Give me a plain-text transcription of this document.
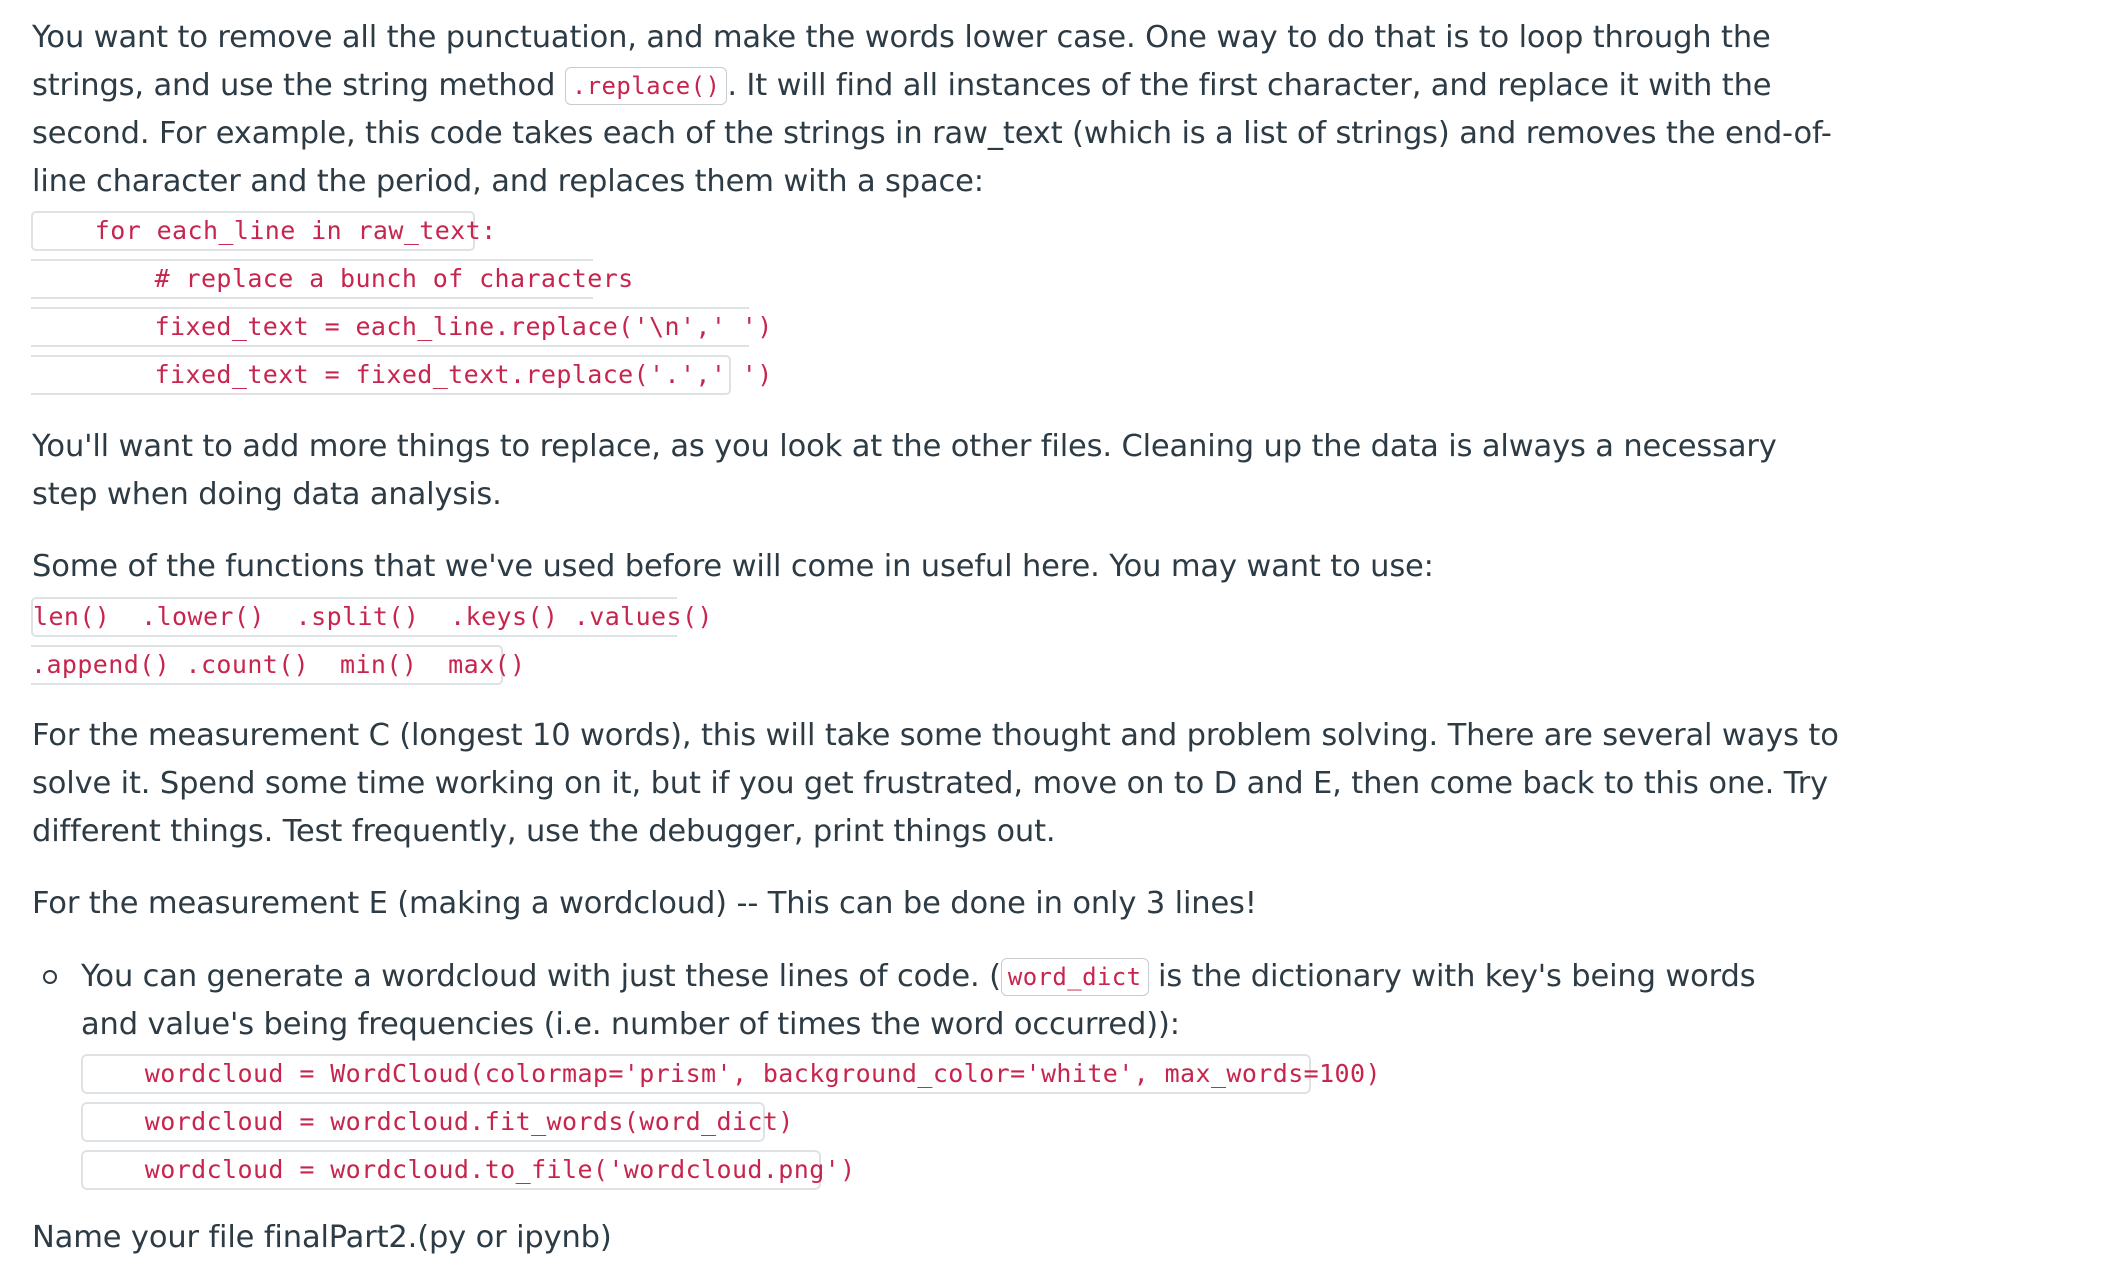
You want to remove all the punctuation, and make the words lower case. One way to do that is to loop through the

strings, and use the string method .replace() . It will find all instances of the first character, and replace it with the

second. For example, this code takes each of the strings in raw_text (which is a list of strings) and removes the end-of-

line character and the period, and replaces them with a space:

for each_line in raw_text:
# replace a bunch of characters
fixed_text = each_line.replace('\n',' ')
fixed_text = fixed_text.replace('.',' ')

You'll want to add more things to replace, as you look at the other files. Cleaning up the data is always a necessary

step when doing data analysis.

Some of the functions that we've used before will come in useful here. You may want to use:

len()  .lower()  .split()  .keys() .values()
.append() .count()  min()  max()

For the measurement C (longest 10 words), this will take some thought and problem solving. There are several ways to

solve it. Spend some time working on it, but if you get frustrated, move on to D and E, then come back to this one. Try

different things. Test frequently, use the debugger, print things out.

For the measurement E (making a wordcloud) -- This can be done in only 3 lines!

You can generate a wordcloud with just these lines of code. ( word_dict is the dictionary with key's being words

and value's being frequencies (i.e. number of times the word occurred)):

wordcloud = WordCloud(colormap='prism', background_color='white', max_words=100)
wordcloud = wordcloud.fit_words(word_dict)
wordcloud = wordcloud.to_file('wordcloud.png')

Name your file finalPart2.(py or ipynb)
